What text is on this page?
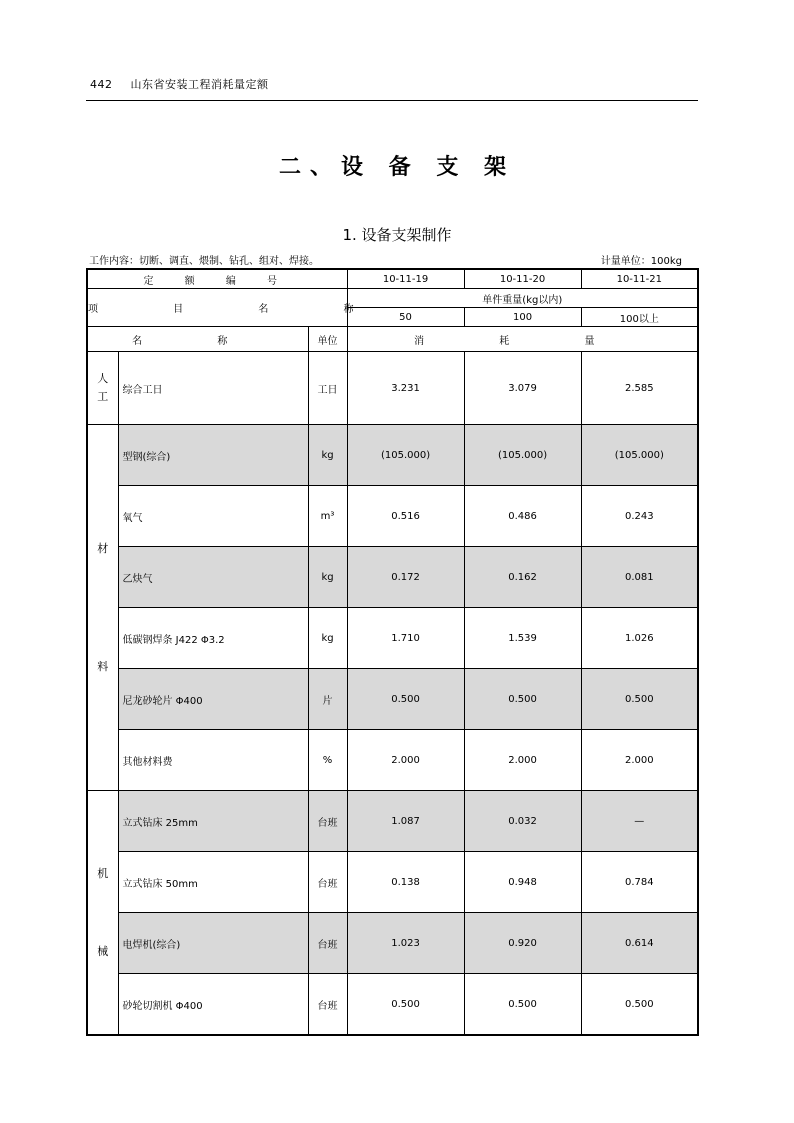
442 山东省安装工程消耗量定额
二、设 备 支 架
1. 设备支架制作
工作内容：切断、调直、煨制、钻孔、组对、焊接。	计量单位：100kg
定 额 编 号			10-11-19	10-11-20	10-11-21
项 目 名 称			单件重量(kg以内)		
			50	100	100以上
名 称		单位	消 耗 量		
人工	综合工日	工日	3.231	3.079	2.585

材
料	型钢(综合)	kg	(105.000)	(105.000)	(105.000)
	氧气	m³	0.516	0.486	0.243
	乙炔气	kg	0.172	0.162	0.081
	低碳钢焊条 J422 Φ3.2	kg	1.710	1.539	1.026
	尼龙砂轮片 Φ400	片	0.500	0.500	0.500
	其他材料费	%	2.000	2.000	2.000

机
械	立式钻床 25mm	台班	1.087	0.032	—
	立式钻床 50mm	台班	0.138	0.948	0.784
	电焊机(综合)	台班	1.023	0.920	0.614
	砂轮切割机 Φ400	台班	0.500	0.500	0.500
